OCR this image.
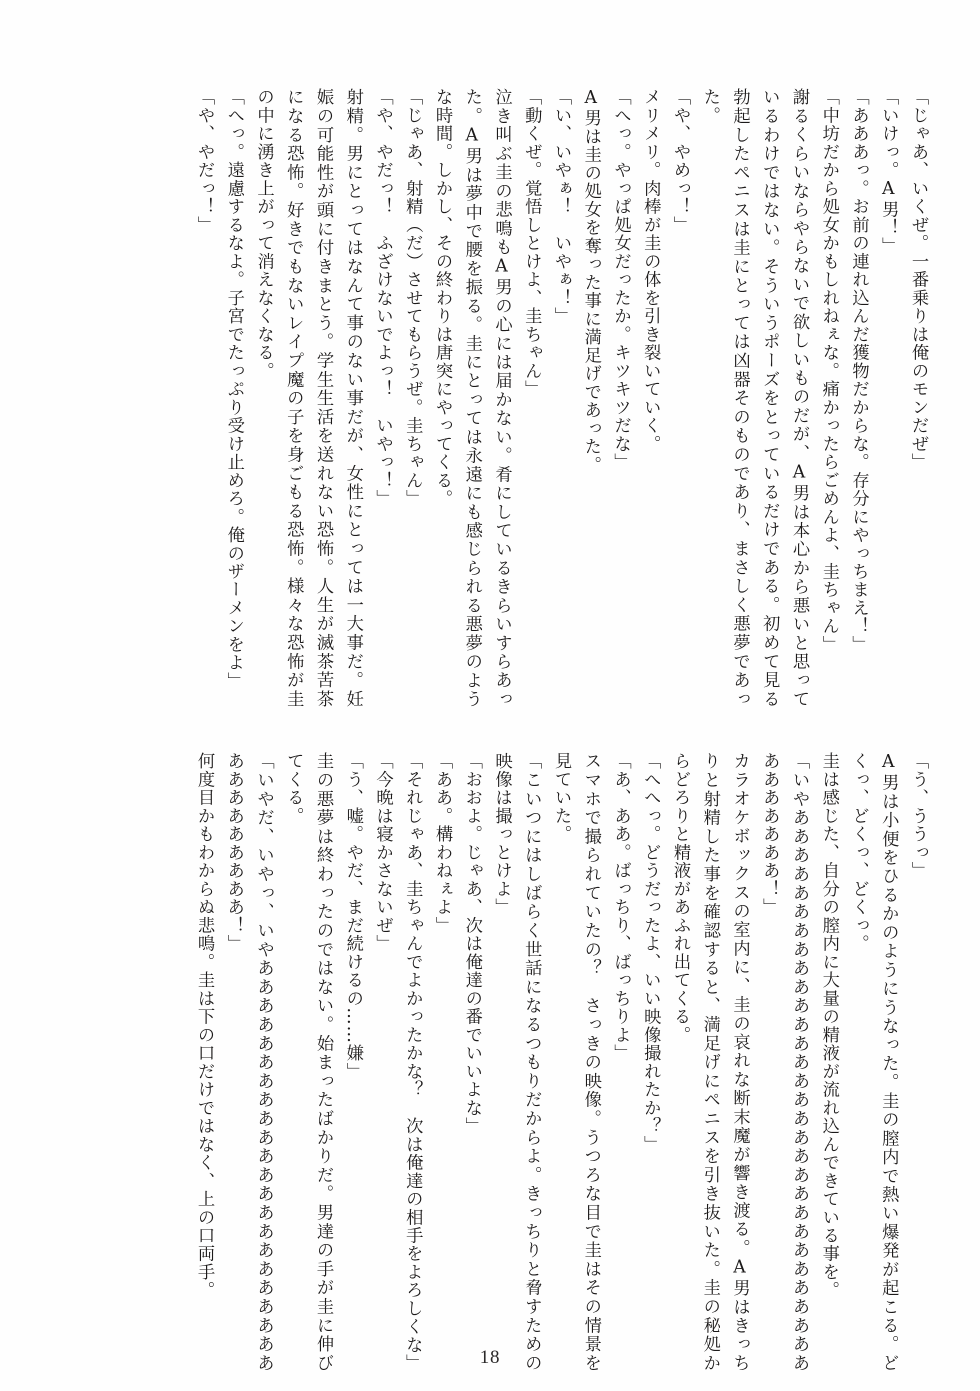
「じゃあ、いくぜ。一番乗りは俺のモンだぜ」

「いけっ。A男！」

「あああっ。お前の連れ込んだ獲物だからな。存分にやっちまえ！」

「中坊だから処女かもしれねぇな。痛かったらごめんよ、圭ちゃん」

謝るくらいならやらないで欲しいものだが、A男は本心から悪いと思っているわけではない。そういうポーズをとっているだけである。初めて見る勃起したペニスは圭にとっては凶器そのものであり、まさしく悪夢であった。

「や、やめっ！」

メリメリ。肉棒が圭の体を引き裂いていく。

「へっ。やっぱ処女だったか。キツキツだな」

A男は圭の処女を奪った事に満足げであった。

「い、いやぁ！　いやぁ！」

「動くぜ。覚悟しとけよ、圭ちゃん」

泣き叫ぶ圭の悲鳴もA男の心には届かない。肴にしているきらいすらあった。A男は夢中で腰を振る。圭にとっては永遠にも感じられる悪夢のような時間。しかし、その終わりは唐突にやってくる。

「じゃあ、射精（だ）させてもらうぜ。圭ちゃん」

「や、やだっ！　ふざけないでよっ！　いやっ！」

射精。男にとってはなんて事のない事だが、女性にとっては一大事だ。妊娠の可能性が頭に付きまとう。学生生活を送れない恐怖。人生が滅茶苦茶になる恐怖。好きでもないレイプ魔の子を身ごもる恐怖。様々な恐怖が圭の中に湧き上がって消えなくなる。

「へっ。遠慮するなよ。子宮でたっぷり受け止めろ。俺のザーメンをよ」

「や、やだっ！」

「う、ううっ」

A男は小便をひるかのようにうなった。圭の膣内で熱い爆発が起こる。どくっ、どくっ、どくっ。

圭は感じた、自分の膣内に大量の精液が流れ込んできている事を。

「いやあああああああああああああああああああああああああああああああああああああ！」

カラオケボックスの室内に、圭の哀れな断末魔が響き渡る。A男はきっちりと射精した事を確認すると、満足げにペニスを引き抜いた。圭の秘処からどろりと精液があふれ出てくる。

「へへっ。どうだったよ、いい映像撮れたか？」

「あ、ああ。ばっちり、ばっちりよ」

スマホで撮られていたの？　さっきの映像。うつろな目で圭はその情景を見ていた。

「こいつにはしばらく世話になるつもりだからよ。きっちりと脅すための映像は撮っとけよ」

「おおよ。じゃあ、次は俺達の番でいいよな」

「ああ。構わねぇよ」

「それじゃあ、圭ちゃんでよかったかな？　次は俺達の相手をよろしくな」

「今晩は寝かさないぜ」

「う、嘘。やだ、まだ続けるの……嫌」

圭の悪夢は終わったのではない。始まったばかりだ。男達の手が圭に伸びてくる。

「いやだ、いやっ、いやあああああああああああああああああああああああああああああああ！」

何度目かもわからぬ悲鳴。圭は下の口だけではなく、上の口両手。

18
